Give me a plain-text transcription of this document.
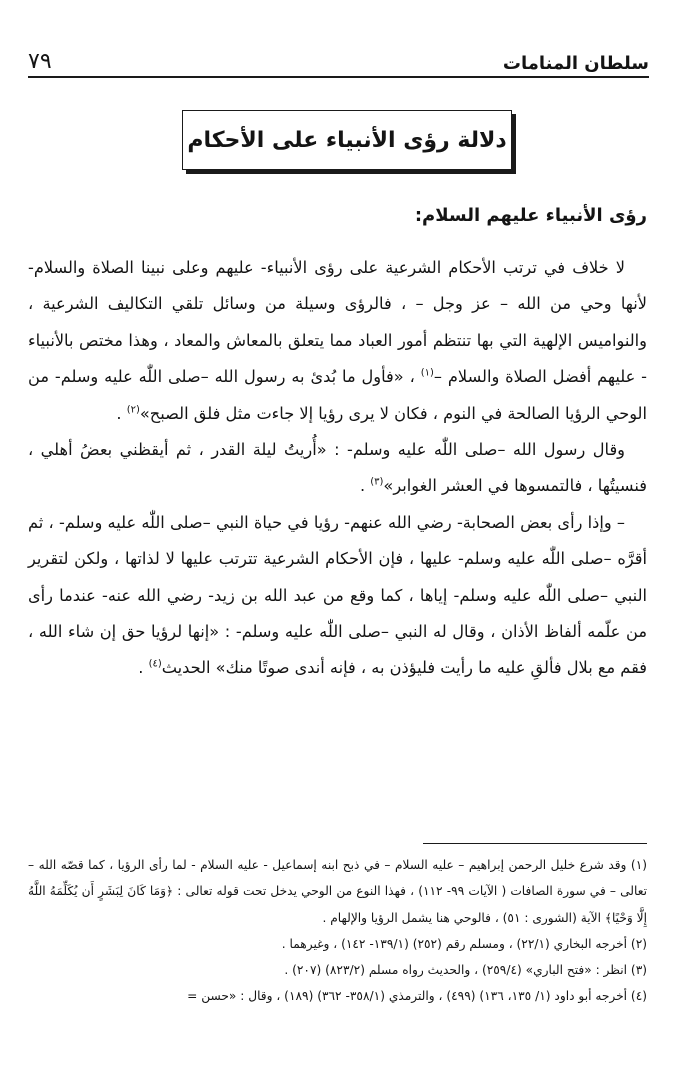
سلطان المنامات
٧٩
دلالة رؤى الأنبياء على الأحكام
رؤى الأنبياء عليهم السلام:

لا خلاف في ترتب الأحكام الشرعية على رؤى الأنبياء- عليهم وعلى نبينا الصلاة والسلام- لأنها وحي من الله – عز وجل – ، فالرؤى وسيلة من وسائل تلقي التكاليف الشرعية ، والنواميس الإلهية التي بها تنتظم أمور العباد مما يتعلق بالمعاش والمعاد ، وهذا مختص بالأنبياء - عليهم أفضل الصلاة والسلام –$^{(١)}$ ، «فأول ما بُدئ به رسول الله –صلى اللّٰه عليه وسلم- من الوحي الرؤيا الصالحة في النوم ، فكان لا يرى رؤيا إلا جاءت مثل فلق الصبح»$^{(٢)}$ .

وقال رسول الله –صلى اللّٰه عليه وسلم- : «أُريتُ ليلة القدر ، ثم أيقظني بعضُ أهلي ، فنسيتُها ، فالتمسوها في العشر الغوابر»$^{(٣)}$ .

– وإذا رأى بعض الصحابة- رضي الله عنهم- رؤيا في حياة النبي –صلى اللّٰه عليه وسلم- ، ثم أقرَّه –صلى اللّٰه عليه وسلم- عليها ، فإن الأحكام الشرعية تترتب عليها لا لذاتها ، ولكن لتقرير النبي –صلى اللّٰه عليه وسلم- إياها ، كما وقع من عبد الله بن زيد- رضي الله عنه- عندما رأى من علّمه ألفاظ الأذان ، وقال له النبي –صلى اللّٰه عليه وسلم- : «إنها لرؤيا حق إن شاء الله ، فقم مع بلال فألقِ عليه ما رأيت فليؤذن به ، فإنه أندى صوتًا منك» الحديث$^{(٤)}$ .

(١) وقد شرع خليل الرحمن إبراهيم – عليه السلام – في ذبح ابنه إسماعيل - عليه السلام - لما رأى الرؤيا ، كما قصّه الله – تعالى – في سورة الصافات ( الآيات ٩٩- ١١٢) ، فهذا النوع من الوحي يدخل تحت قوله تعالى : ﴿وَمَا كَانَ لِبَشَرٍ أَن يُكَلِّمَهُ اللَّهُ إِلَّا وَحْيًا﴾ الآية (الشورى : ٥١) ، فالوحي هنا يشمل الرؤيا والإلهام .

(٢) أخرجه البخاري (٢٢/١) ، ومسلم رقم (٢٥٢) (١٣٩/١- ١٤٢) ، وغيرهما .

(٣) انظر : «فتح الباري» (٢٥٩/٤) ، والحديث رواه مسلم (٨٢٣/٢) (٢٠٧) .

(٤) أخرجه أبو داود (١/ ١٣٥، ١٣٦) (٤٩٩) ، والترمذي (٣٥٨/١- ٣٦٢) (١٨٩) ، وقال : «حسن =
